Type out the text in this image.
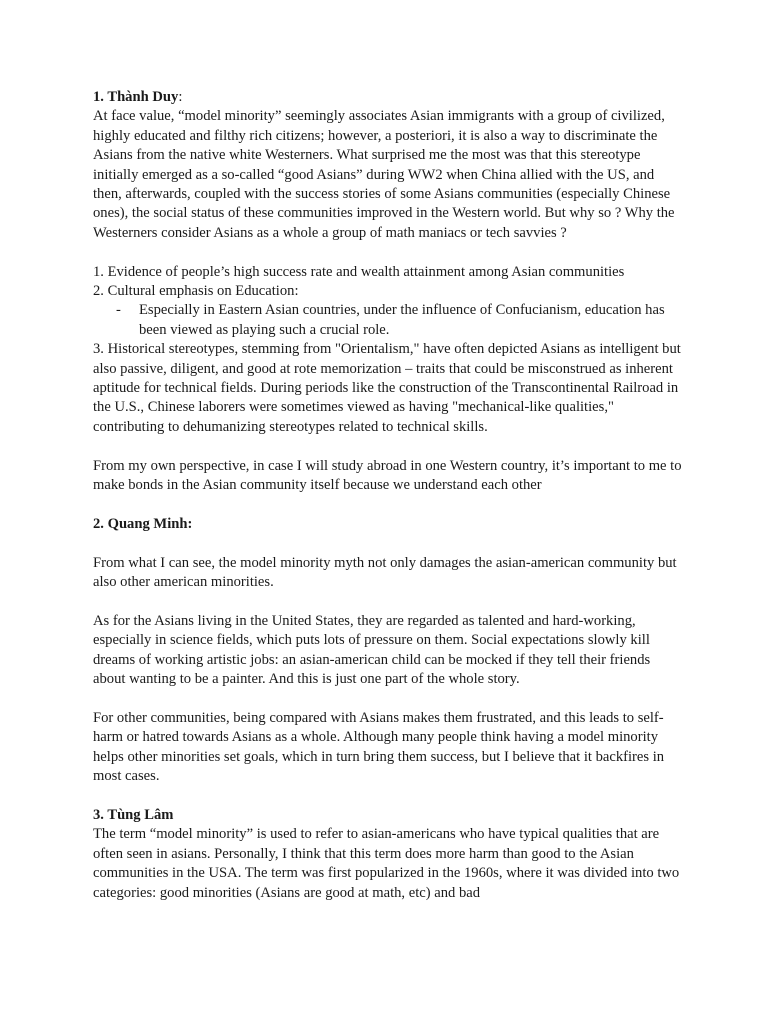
1. Thành Duy:

At face value, “model minority” seemingly associates Asian immigrants with a group of civilized, highly educated and filthy rich citizens; however, a posteriori, it is also a way to discriminate the Asians from the native white Westerners. What surprised me the most was that this stereotype initially emerged as a so-called “good Asians” during WW2 when China allied with the US, and then, afterwards, coupled with the success stories of some Asians communities (especially Chinese ones), the social status of these communities improved in the Western world. But why so ? Why the Westerners consider Asians as a whole a group of math maniacs or tech savvies ?

1. Evidence of people’s high success rate and wealth attainment among Asian communities

2. Cultural emphasis on Education:

- Especially in Eastern Asian countries, under the influence of Confucianism, education has been viewed as playing such a crucial role.

3. Historical stereotypes, stemming from "Orientalism," have often depicted Asians as intelligent but also passive, diligent, and good at rote memorization – traits that could be misconstrued as inherent aptitude for technical fields. During periods like the construction of the Transcontinental Railroad in the U.S., Chinese laborers were sometimes viewed as having "mechanical-like qualities," contributing to dehumanizing stereotypes related to technical skills.

From my own perspective, in case I will study abroad in one Western country, it’s important to me to make bonds in the Asian community itself because we understand each other

2. Quang Minh:

From what I can see, the model minority myth not only damages the asian-american community but also other american minorities.

As for the Asians living in the United States, they are regarded as talented and hard-working, especially in science fields, which puts lots of pressure on them. Social expectations slowly kill dreams of working artistic jobs: an asian-american child can be mocked if they tell their friends about wanting to be a painter. And this is just one part of the whole story.

For other communities, being compared with Asians makes them frustrated, and this leads to self-harm or hatred towards Asians as a whole. Although many people think having a model minority helps other minorities set goals, which in turn bring them success, but I believe that it backfires in most cases.

3. Tùng Lâm

The term “model minority” is used to refer to asian-americans who have typical qualities that are often seen in asians. Personally, I think that this term does more harm than good to the Asian communities in the USA. The term was first popularized in the 1960s, where it was divided into two categories: good minorities (Asians are good at math, etc) and bad
